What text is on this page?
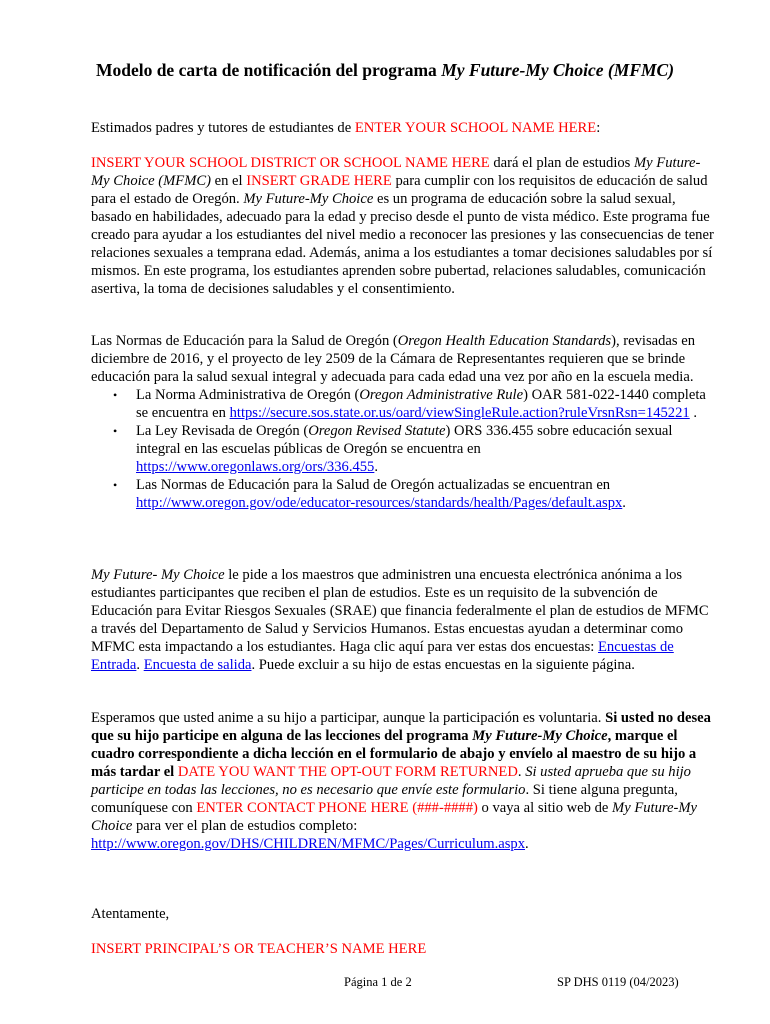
Modelo de carta de notificación del programa My Future-My Choice (MFMC)

Estimados padres y tutores de estudiantes de ENTER YOUR SCHOOL NAME HERE:

INSERT YOUR SCHOOL DISTRICT OR SCHOOL NAME HERE dará el plan de estudios My Future-My Choice (MFMC) en el INSERT GRADE HERE para cumplir con los requisitos de educación de salud para el estado de Oregón. My Future-My Choice es un programa de educación sobre la salud sexual, basado en habilidades, adecuado para la edad y preciso desde el punto de vista médico. Este programa fue creado para ayudar a los estudiantes del nivel medio a reconocer las presiones y las consecuencias de tener relaciones sexuales a temprana edad. Además, anima a los estudiantes a tomar decisiones saludables por sí mismos. En este programa, los estudiantes aprenden sobre pubertad, relaciones saludables, comunicación asertiva, la toma de decisiones saludables y el consentimiento.

Las Normas de Educación para la Salud de Oregón (Oregon Health Education Standards), revisadas en diciembre de 2016, y el proyecto de ley 2509 de la Cámara de Representantes requieren que se brinde educación para la salud sexual integral y adecuada para cada edad una vez por año en la escuela media.

• La Norma Administrativa de Oregón (Oregon Administrative Rule) OAR 581-022-1440 completa se encuentra en https://secure.sos.state.or.us/oard/viewSingleRule.action?ruleVrsnRsn=145221 .
• La Ley Revisada de Oregón (Oregon Revised Statute) ORS 336.455 sobre educación sexual integral en las escuelas públicas de Oregón se encuentra en https://www.oregonlaws.org/ors/336.455.
• Las Normas de Educación para la Salud de Oregón actualizadas se encuentran en http://www.oregon.gov/ode/educator-resources/standards/health/Pages/default.aspx.

My Future- My Choice le pide a los maestros que administren una encuesta electrónica anónima a los estudiantes participantes que reciben el plan de estudios. Este es un requisito de la subvención de Educación para Evitar Riesgos Sexuales (SRAE) que financia federalmente el plan de estudios de MFMC a través del Departamento de Salud y Servicios Humanos. Estas encuestas ayudan a determinar como MFMC esta impactando a los estudiantes. Haga clic aquí para ver estas dos encuestas: Encuestas de Entrada. Encuesta de salida. Puede excluir a su hijo de estas encuestas en la siguiente página.

Esperamos que usted anime a su hijo a participar, aunque la participación es voluntaria. Si usted no desea que su hijo participe en alguna de las lecciones del programa My Future-My Choice, marque el cuadro correspondiente a dicha lección en el formulario de abajo y envíelo al maestro de su hijo a más tardar el DATE YOU WANT THE OPT-OUT FORM RETURNED. Si usted aprueba que su hijo participe en todas las lecciones, no es necesario que envíe este formulario. Si tiene alguna pregunta, comuníquese con ENTER CONTACT PHONE HERE (###-####) o vaya al sitio web de My Future-My Choice para ver el plan de estudios completo: http://www.oregon.gov/DHS/CHILDREN/MFMC/Pages/Curriculum.aspx.

Atentamente,

INSERT PRINCIPAL’S OR TEACHER’S NAME HERE

Página 1 de 2	SP DHS 0119 (04/2023)
